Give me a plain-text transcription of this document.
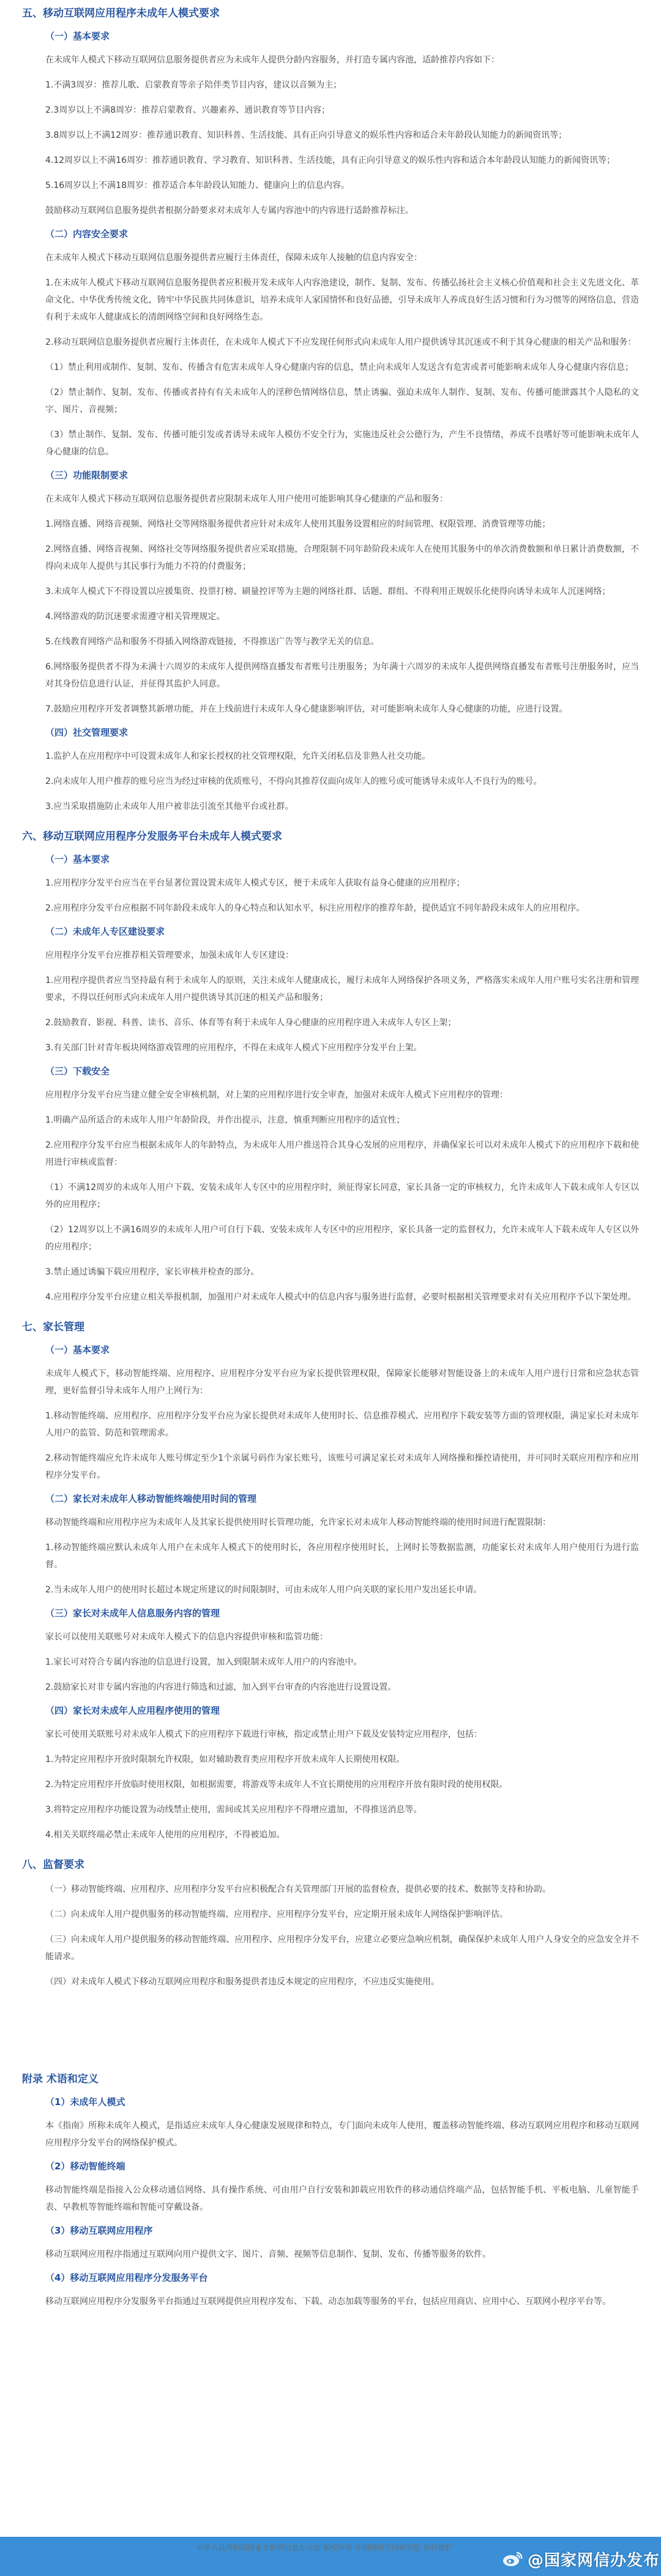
五、移动互联网应用程序未成年人模式要求
（一）基本要求

在未成年人模式下移动互联网信息服务提供者应为未成年人提供分龄内容服务，并打造专属内容池，适龄推荐内容如下：

1.不满3周岁：推荐儿歌、启蒙教育等亲子陪伴类节目内容，建议以音频为主；

2.3周岁以上不满8周岁：推荐启蒙教育、兴趣素养、通识教育等节目内容；

3.8周岁以上不满12周岁：推荐通识教育、知识科普、生活技能、具有正向引导意义的娱乐性内容和适合未年龄段认知能力的新闻资讯等；

4.12周岁以上不满16周岁：推荐通识教育、学习教育、知识科普、生活技能，具有正向引导意义的娱乐性内容和适合本年龄段认知能力的新闻资讯等；

5.16周岁以上不满18周岁：推荐适合本年龄段认知能力、健康向上的信息内容。

鼓励移动互联网信息服务提供者根据分龄要求对未成年人专属内容池中的内容进行适龄推荐标注。

（二）内容安全要求

在未成年人模式下移动互联网信息服务提供者应履行主体责任，保障未成年人接触的信息内容安全：

1.在未成年人模式下移动互联网信息服务提供者应积极开发未成年人内容池建设，制作、复制、发布、传播弘扬社会主义核心价值观和社会主义先进文化、革命文化、中华优秀传统文化，铸牢中华民族共同体意识，培养未成年人家国情怀和良好品德，引导未成年人养成良好生活习惯和行为习惯等的网络信息，营造有利于未成年人健康成长的清朗网络空间和良好网络生态。

2.移动互联网信息服务提供者应履行主体责任，在未成年人模式下不应发现任何形式向未成年人用户提供诱导其沉迷或不利于其身心健康的相关产品和服务：

（1）禁止利用或制作、复制、发布、传播含有危害未成年人身心健康内容的信息，禁止向未成年人发送含有危害或者可能影响未成年人身心健康内容信息；

（2）禁止制作、复制、发布、传播或者持有有关未成年人的淫秽色情网络信息，禁止诱骗、强迫未成年人制作、复制、发布、传播可能泄露其个人隐私的文字、图片、音视频；

（3）禁止制作、复制、发布、传播可能引发或者诱导未成年人模仿不安全行为，实施违反社会公德行为，产生不良情绪，养成不良嗜好等可能影响未成年人身心健康的信息。

（三）功能限制要求

在未成年人模式下移动互联网信息服务提供者应限制未成年人用户使用可能影响其身心健康的产品和服务：

1.网络直播、网络音视频、网络社交等网络服务提供者应针对未成年人使用其服务设置相应的时间管理、权限管理、消费管理等功能；

2.网络直播、网络音视频、网络社交等网络服务提供者应采取措施，合理限制不同年龄阶段未成年人在使用其服务中的单次消费数额和单日累计消费数额，不得向未成年人提供与其民事行为能力不符的付费服务；

3.未成年人模式下不得设置以应援集资、投票打榜、刷量控评等为主题的网络社群、话题、群组、不得利用正规娱乐化使得向诱导未成年人沉迷网络；

4.网络游戏的防沉迷要求需遵守相关管理规定。

5.在线教育网络产品和服务不得插入网络游戏链接，不得推送广告等与教学无关的信息。

6.网络服务提供者不得为未满十六周岁的未成年人提供网络直播发布者账号注册服务；为年满十六周岁的未成年人提供网络直播发布者账号注册服务时，应当对其身份信息进行认证，并征得其监护人同意。

7.鼓励应用程序开发者调整其新增功能，并在上线前进行未成年人身心健康影响评估，对可能影响未成年人身心健康的功能，应进行设置。

（四）社交管理要求

1.监护人在应用程序中可设置未成年人和家长授权的社交管理权限，允许关闭私信及非熟人社交功能。

2.向未成年人用户推荐的账号应当为经过审核的优质账号，不得向其推荐仅面向成年人的账号或可能诱导未成年人不良行为的账号。

3.应当采取措施防止未成年人用户被非法引流至其他平台或社群。

六、移动互联网应用程序分发服务平台未成年人模式要求
（一）基本要求

1.应用程序分发平台应当在平台显著位置设置未成年人模式专区，便于未成年人获取有益身心健康的应用程序；

2.应用程序分发平台应根据不同年龄段未成年人的身心特点和认知水平，标注应用程序的推荐年龄，提供适宜不同年龄段未成年人的应用程序。

（二）未成年人专区建设要求

应用程序分发平台应推荐相关管理要求，加强未成年人专区建设：

1.应用程序提供者应当坚持最有利于未成年人的原则，关注未成年人健康成长，履行未成年人网络保护各项义务，严格落实未成年人用户账号实名注册和管理要求，不得以任何形式向未成年人用户提供诱导其沉迷的相关产品和服务；

2.鼓励教育、影视、科普、读书、音乐、体育等有利于未成年人身心健康的应用程序进入未成年人专区上架；

3.有关部门针对青年板块网络游戏管理的应用程序，不得在未成年人模式下应用程序分发平台上架。

（三）下载安全

应用程序分发平台应当建立健全安全审核机制，对上架的应用程序进行安全审查，加强对未成年人模式下应用程序的管理：

1.明确产品所适合的未成年人用户年龄阶段，并作出提示，注意，慎重判断应用程序的适宜性；

2.应用程序分发平台应当根据未成年人的年龄特点，为未成年人用户推送符合其身心发展的应用程序，并确保家长可以对未成年人模式下的应用程序下载和使用进行审核或监督：

（1）不满12周岁的未成年人用户下载、安装未成年人专区中的应用程序时，须征得家长同意，家长具备一定的审核权力，允许未成年人下载未成年人专区以外的应用程序；

（2）12周岁以上不满16周岁的未成年人用户可自行下载、安装未成年人专区中的应用程序，家长具备一定的监督权力，允许未成年人下载未成年人专区以外的应用程序；

3.禁止通过诱骗下载应用程序，家长审核并检查的部分。

4.应用程序分发平台应建立相关举报机制，加强用户对未成年人模式中的信息内容与服务进行监督，必要时根据相关管理要求对有关应用程序予以下架处理。

七、家长管理
（一）基本要求

未成年人模式下，移动智能终端、应用程序、应用程序分发平台应为家长提供管理权限，保障家长能够对智能设备上的未成年人用户进行日常和应急状态管理，更好监督引导未成年人用户上网行为：

1.移动智能终端、应用程序、应用程序分发平台应为家长提供对未成年人使用时长、信息推荐模式、应用程序下载安装等方面的管理权限，满足家长对未成年人用户的监管、防范和管理需求。

2.移动智能终端应允许未成年人账号绑定至少1个亲属号码作为家长账号，该账号可满足家长对未成年人网络操和操控请使用，并可同时关联应用程序和应用程序分发平台。

（二）家长对未成年人移动智能终端使用时间的管理

移动智能终端和应用程序应为未成年人及其家长提供使用时长管理功能，允许家长对未成年人移动智能终端的使用时间进行配置限制：

1.移动智能终端应默认未成年人用户在未成年人模式下的使用时长，各应用程序使用时长，上网时长等数据监测，功能家长对未成年人用户使用行为进行监督。

2.当未成年人用户的使用时长超过本规定所建议的时间限制时，可由未成年人用户向关联的家长用户发出延长申请。

（三）家长对未成年人信息服务内容的管理

家长可以使用关联账号对未成年人模式下的信息内容提供审核和监管功能：

1.家长可对符合专属内容池的信息进行设置，加入到限制未成年人用户的内容池中。

2.鼓励家长对非专属内容池的内容进行筛选和过滤，加入到平台审查的内容池进行设置设置。

（四）家长对未成年人应用程序使用的管理

家长可使用关联账号对未成年人模式下的应用程序下载进行审核，指定或禁止用户下载及安装特定应用程序，包括：

1.为特定应用程序开放时限制允许权限，如对辅助教育类应用程序开放未成年人长期使用权限。

2.为特定应用程序开放临时使用权限，如根据需要，将游戏等未成年人不宜长期使用的应用程序开放有限时段的使用权限。

3.将特定应用程序功能设置为动线禁止使用，需间或其关应用程序不得增应遗加，不得推送消息等。

4.相关关联终端必禁止未成年人使用的应用程序，不得被追加。

八、监督要求

（一）移动智能终端、应用程序、应用程序分发平台应积极配合有关管理部门开展的监督检查，提供必要的技术、数据等支持和协助。

（二）向未成年人用户提供服务的移动智能终端、应用程序、应用程序分发平台，应定期开展未成年人网络保护影响评估。

（三）向未成年人用户提供服务的移动智能终端、应用程序、应用程序分发平台，应建立必要应急响应机制，确保保护未成年人用户人身安全的应急安全并不能请求。

（四）对未成年人模式下移动互联网应用程序和服务提供者违反本规定的应用程序，不应违反实施使用。

附录 术语和定义
（1）未成年人模式

本《指南》所称未成年人模式，是指适应未成年人身心健康发展规律和特点，专门面向未成年人使用，覆盖移动智能终端、移动互联网应用程序和移动互联网应用程序分发平台的网络保护模式。

（2）移动智能终端

移动智能终端是指接入公众移动通信网络、具有操作系统、可由用户自行安装和卸载应用软件的移动通信终端产品，包括智能手机、平板电脑、儿童智能手表、早教机等智能终端和智能可穿戴设备。

（3）移动互联网应用程序

移动互联网应用程序指通过互联网向用户提供文字、图片、音频、视频等信息制作、复制、发布、传播等服务的软件。

（4）移动互联网应用程序分发服务平台

移动互联网应用程序分发服务平台指通过互联网提供应用程序发布、下载、动态加载等服务的平台，包括应用商店、应用中心、互联网小程序平台等。

中华人民共和国国家互联网信息办公室 版权所有 中国网络空间研究院 制作维护
@国家网信办发布
